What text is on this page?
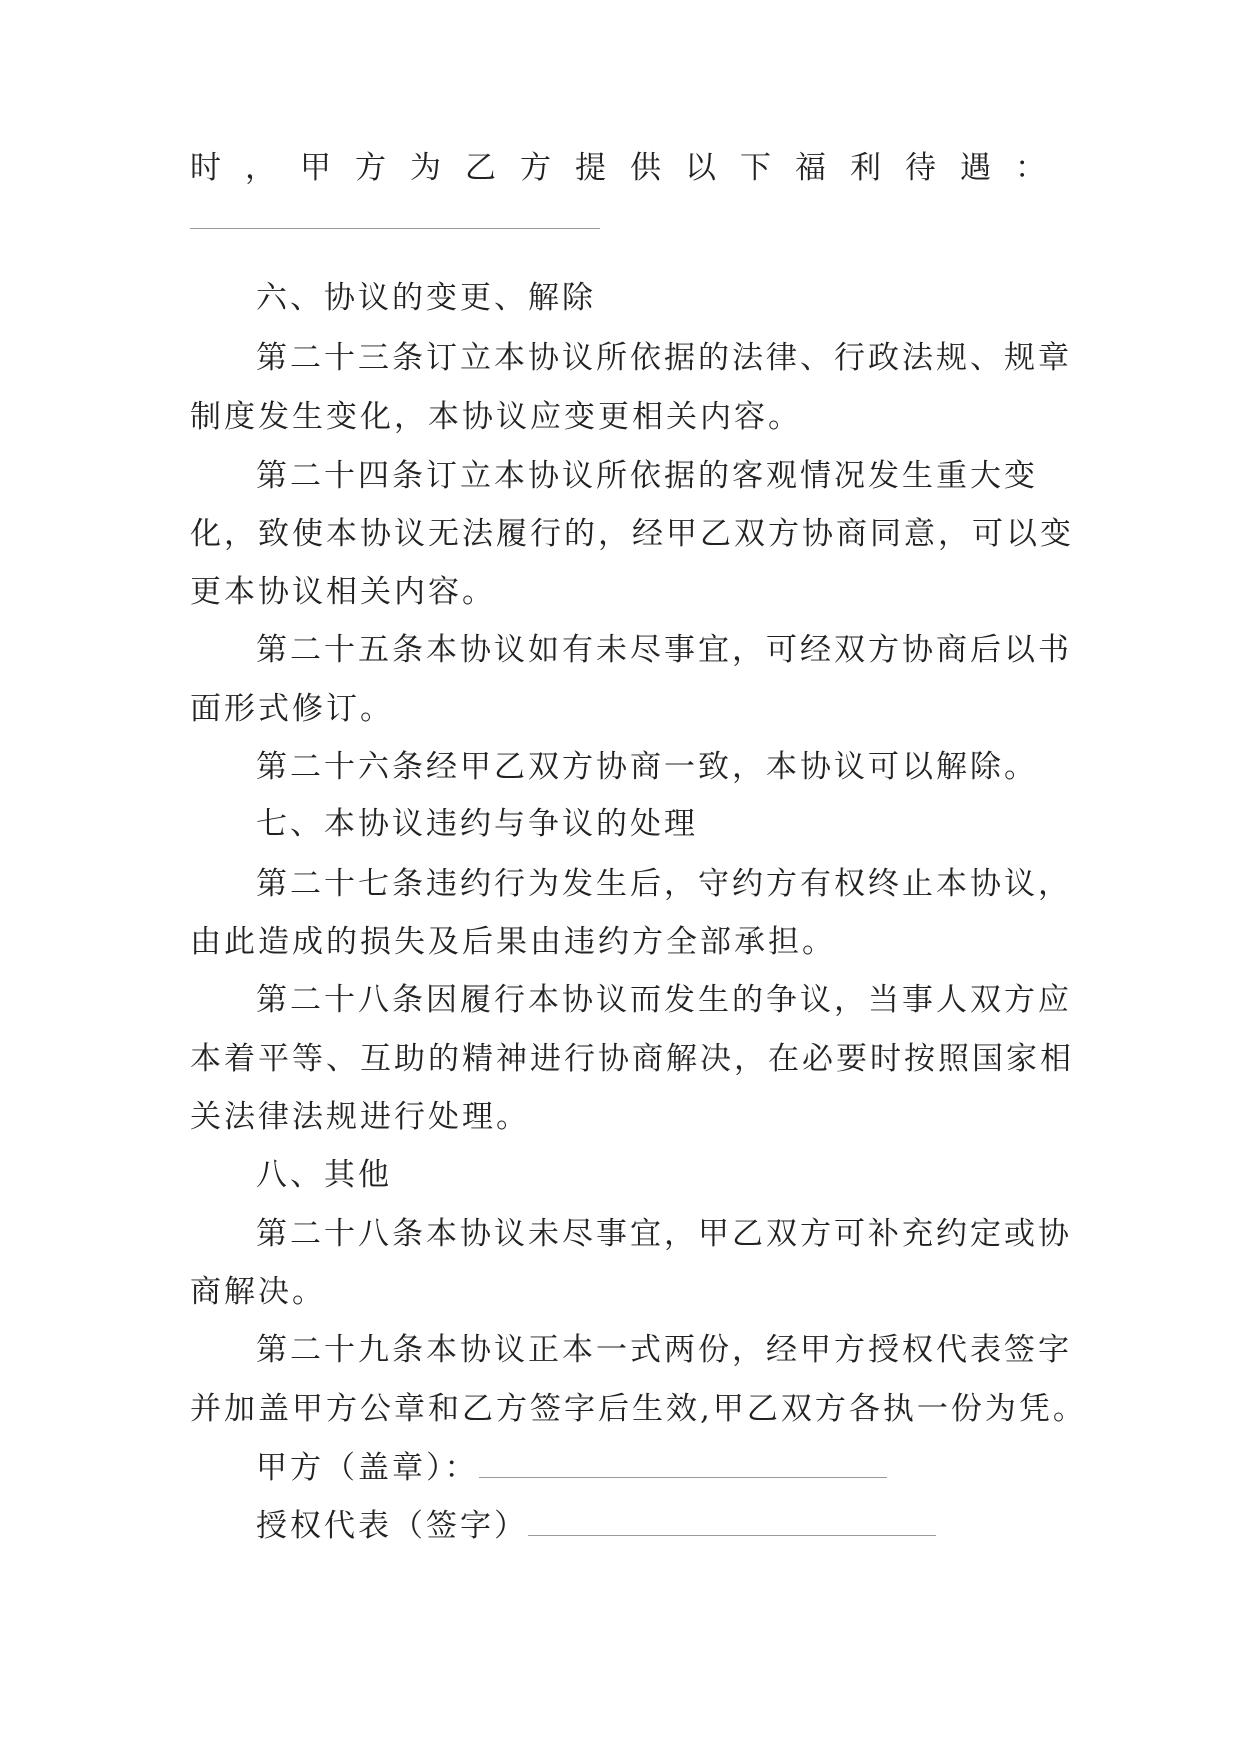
时，甲方为乙方提供以下福利待遇：
六、协议的变更、解除
第二十三条订立本协议所依据的法律、行政法规、规章
制度发生变化，本协议应变更相关内容。
第二十四条订立本协议所依据的客观情况发生重大变
化，致使本协议无法履行的，经甲乙双方协商同意，可以变
更本协议相关内容。
第二十五条本协议如有未尽事宜，可经双方协商后以书
面形式修订。
第二十六条经甲乙双方协商一致，本协议可以解除。
七、本协议违约与争议的处理
第二十七条违约行为发生后，守约方有权终止本协议，
由此造成的损失及后果由违约方全部承担。
第二十八条因履行本协议而发生的争议，当事人双方应
本着平等、互助的精神进行协商解决，在必要时按照国家相
关法律法规进行处理。
八、其他
第二十八条本协议未尽事宜，甲乙双方可补充约定或协
商解决。
第二十九条本协议正本一式两份，经甲方授权代表签字
并加盖甲方公章和乙方签字后生效,甲乙双方各执一份为凭。
甲方（盖章）：
授权代表（签字）
